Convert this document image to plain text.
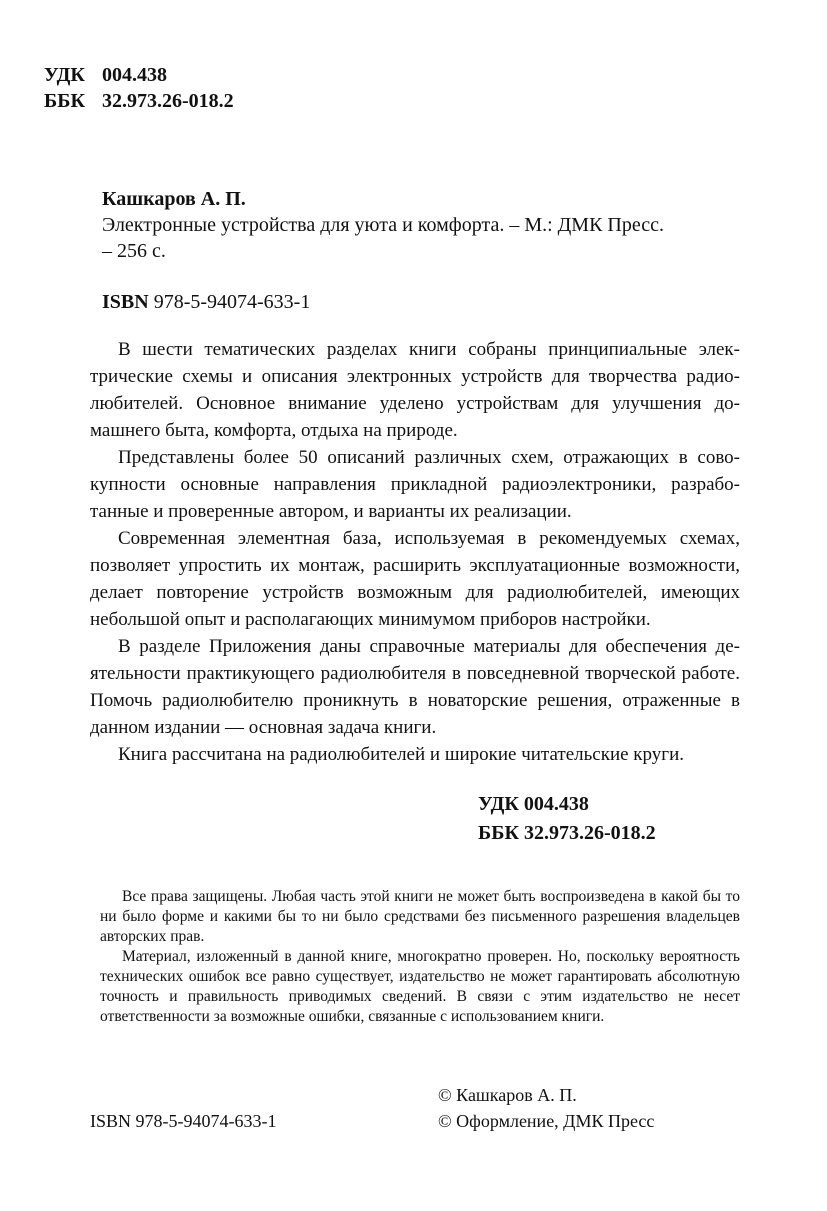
УДК 004.438
ББК 32.973.26-018.2
Кашкаров А. П.
Электронные устройства для уюта и комфорта. – М.: ДМК Пресс.
– 256 с.
ISBN 978-5-94074-633-1

В шести тематических разделах книги собраны принципиальные электрические схемы и описания электронных устройств для творчества радиолюбителей. Основное внимание уделено устройствам для улучшения домашнего быта, комфорта, отдыха на природе.

Представлены более 50 описаний различных схем, отражающих в совокупности основные направления прикладной радиоэлектроники, разработанные и проверенные автором, и варианты их реализации.

Современная элементная база, используемая в рекомендуемых схемах, позволяет упростить их монтаж, расширить эксплуатационные возможности, делает повторение устройств возможным для радиолюбителей, имеющих небольшой опыт и располагающих минимумом приборов настройки.

В разделе Приложения даны справочные материалы для обеспечения деятельности практикующего радиолюбителя в повседневной творческой работе. Помочь радиолюбителю проникнуть в новаторские решения, отраженные в данном издании — основная задача книги.

Книга рассчитана на радиолюбителей и широкие читательские круги.

УДК 004.438
ББК 32.973.26-018.2

Все права защищены. Любая часть этой книги не может быть воспроизведена в какой бы то ни было форме и какими бы то ни было средствами без письменного разрешения владельцев авторских прав.

Материал, изложенный в данной книге, многократно проверен. Но, поскольку вероятность технических ошибок все равно существует, издательство не может гарантировать абсолютную точность и правильность приводимых сведений. В связи с этим издательство не несет ответственности за возможные ошибки, связанные с использованием книги.

© Кашкаров А. П.
© Оформление, ДМК Пресс
ISBN 978-5-94074-633-1
